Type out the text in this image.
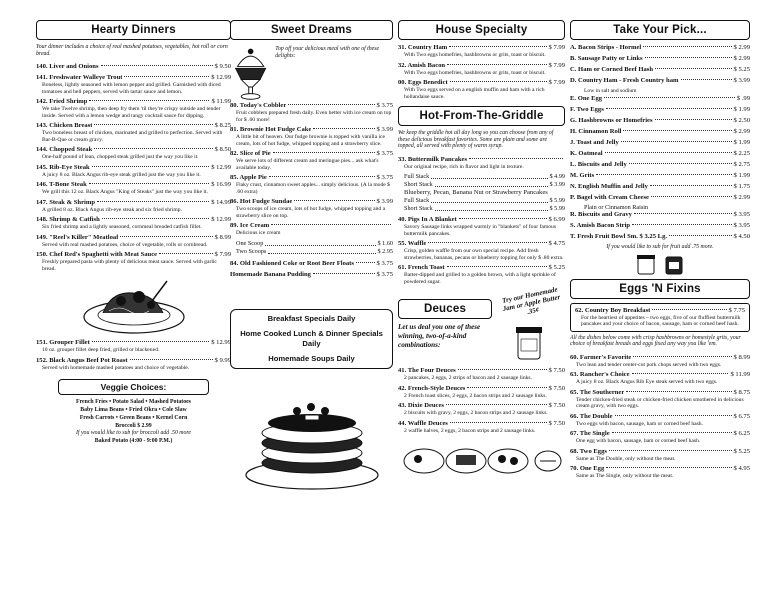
Hearty Dinners
Your dinner includes a choice of real mashed potatoes, vegetables, hot roll or corn bread.
140. Liver and Onions	$ 9.50
141. Freshwater Walleye Trout	$ 12.99
Boneless, lightly seasoned with lemon pepper and grilled. Garnished with diced tomatoes and bell peppers, served with tartar sauce and lemon.
142. Fried Shrimp	$ 11.99
We take Twelve shrimp, then deep fry them 'til they're crispy outside and tender inside. Served with a lemon wedge and tangy cocktail sauce for dipping.
143. Chicken Breast	$ 8.25
Two boneless breast of chicken, marinated and grilled to perfection. Served with Bar-B-Que or cream gravy.
144. Chopped Steak	$ 8.50
One-half pound of lean, chopped steak grilled just the way you like it.
145. Rib-Eye Steak	$ 12.99
A juicy 8 oz. Black Angus rib-eye steak grilled just the way you like it.
146. T-Bone Steak	$ 16.99
We grill this 12 oz. Black Angus "King of Steaks" just the way you like it.
147. Steak & Shrimp	$ 14.99
A grilled 8 oz. Black Angus rib-eye steak and six fried shrimp.
148. Shrimp & Catfish	$ 12.99
Six fried shrimp and a lightly seasoned, cornmeal breaded catfish fillet.
149. "Reel's Killer" Meatloaf	$ 8.99
Served with real mashed potatoes, choice of vegetable, rolls or cornbread.
150. Chef Red's Spaghetti with Meat Sauce	$ 7.99
Freshly prepared pasta with plenty of delicious meat sauce. Served with garlic bread.
151. Grouper Fillet	$ 12.99
10 oz. grouper fillet deep fried, grilled or blackened.
152. Black Angus Beef Pot Roast	$ 9.99
Served with homemade mashed potatoes and choice of vegetable.
Veggie Choices:
French Fries • Potato Salad • Mashed Potatoes
Baby Lima Beans • Fried Okra • Cole Slaw
Fresh Carrots • Green Beans • Kernel Corn
Broccoli $ 2.99
If you would like to sub for broccoli add .50 more
Baked Potato (4:00 - 9:00 P.M.)
Sweet Dreams
Top off your delicious meal with one of these delights:
80. Today's Cobbler	$ 3.75
Fruit cobblers prepared fresh daily. Even better with ice cream on top for $ .60 more!
81. Brownie Hot Fudge Cake	$ 3.99
A little bit of heaven. Our fudge brownie is topped with vanilla ice cream, lots of hot fudge, whipped topping and a strawberry slice.
82. Slice of Pie	$ 3.75
We serve lots of different cream and meringue pies... ask what's available today.
85. Apple Pie	$ 3.75
Flaky crust, cinnamon sweet apples... simply delicious. (A la mode $ .60 extra)
86. Hot Fudge Sundae	$ 3.99
Two scoops of ice cream, lots of hot fudge, whipped topping and a strawberry slice on top.
89. Ice Cream
Delicious ice cream
One Scoop	$ 1.60
Two Scoops	$ 2.95
84. Old Fashioned Coke or Root Beer Floats	$ 3.75
Homemade Banana Pudding	$ 3.75
Breakfast Specials Daily
Home Cooked Lunch & Dinner Specials Daily
Homemade Soups Daily
House Specialty
31. Country Ham	$ 7.99
With Two eggs homefries, hashbrowns or grits, toast or biscuit.
32. Amish Bacon	$ 7.99
With Two eggs homefries, hashbrowns or grits, toast or biscuit.
00. Eggs Benedict	$ 7.99
With Two eggs served on a english muffin and ham with a rich hollandaise sauce.
Hot-From-The-Griddle
We keep the griddle hot all day long so you can choose from any of these delicious breakfast favorites. Some are plain and some are topped, all served with plenty of warm syrup.
33. Buttermilk Pancakes
Our original recipe, rich in flavor and light in texture.
Full Stack	$ 4.99
Short Stack	$ 3.99
Blueberry, Pecan, Banana Nut or Strawberry Pancakes
Full Stack	$ 5.99
Short Stack	$ 5.99
40. Pigs In A Blanket	$ 6.99
Savory Sausage links wrapped warmly in "blankets" of four famous buttermilk pancakes.
55. Waffle	$ 4.75
Crisp, golden waffle from our own special recipe. Add fresh strawberries, bananas, pecans or blueberry topping for only $ .80 extra.
61. French Toast	$ 5.25
Batter-dipped and grilled to a golden brown, with a light sprinkle of powdered sugar.
Deuces
Try our Homemade Jam or Apple Butter .35¢
Let us deal you one of these winning, two-of-a-kind combinations:
41. The Four Deuces	$ 7.50
2 pancakes, 2 eggs, 2 strips of bacon and 2 sausage links.
42. French-Style Deuces	$ 7.50
2 French toast slices, 2 eggs, 2 bacon strips and 2 sausage links.
43. Dixie Deuces	$ 7.50
2 biscuits with gravy, 2 eggs, 2 bacon strips and 2 sausage links.
44. Waffle Deuces	$ 7.50
2 waffle halves, 2 eggs, 2 bacon strips and 2 sausage links.
Take Your Pick...
A. Bacon Strips - Hormel	$ 2.99
B. Sausage Patty or Links	$ 2.99
C. Ham or Corned Beef Hash	$ 5.25
D. Country Ham - Fresh Country ham	$ 3.99
Low in salt and sodium
E. One Egg	$ .99
F. Two Eggs	$ 1.99
G. Hashbrowns or Homefries	$ 2.50
H. Cinnamon Roll	$ 2.99
J. Toast and Jelly	$ 1.99
K. Oatmeal	$ 2.25
L. Biscuits and Jelly	$ 2.75
M. Grits	$ 1.99
N. English Muffin and Jelly	$ 1.75
P. Bagel with Cream Cheese	$ 2.99
Plain or Cinnamon Raisin
R. Biscuits and Gravy	$ 3.95
S. Amish Bacon Strip	$ 3.95
T. Fresh Fruit Bowl Sm. $ 3.25 Lg.	$ 4.50
If you would like to sub for fruit add .75 more.
Eggs 'N Fixins
62. Country Boy Breakfast	$ 7.75
For the heartiest of appetites – two eggs, five of our fluffiest buttermilk pancakes and your choice of bacon, sausage, ham or corned beef hash.
All the dishes below come with crisp hashbrowns or homestyle grits, your choice of breakfast breads and eggs fixed any way you like 'em.
60. Farmer's Favorite	$ 8.99
Two lean and tender center-cut pork chops served with two eggs.
63. Rancher's Choice	$ 11.99
A juicy 8 oz. Black Angus Rib Eye steak served with two eggs.
65. The Southerner	$ 8.75
Tender chicken-fried steak or chicken-fried chicken smothered in delicious cream gravy, with two eggs.
66. The Double	$ 6.75
Two eggs with bacon, sausage, ham or corned beef hash.
67. The Single	$ 6.25
One egg with bacon, sausage, ham or corned beef hash.
68. Two Eggs	$ 5.25
Same as The Double, only without the meat.
70. One Egg	$ 4.95
Same as The Single, only without the meat.
